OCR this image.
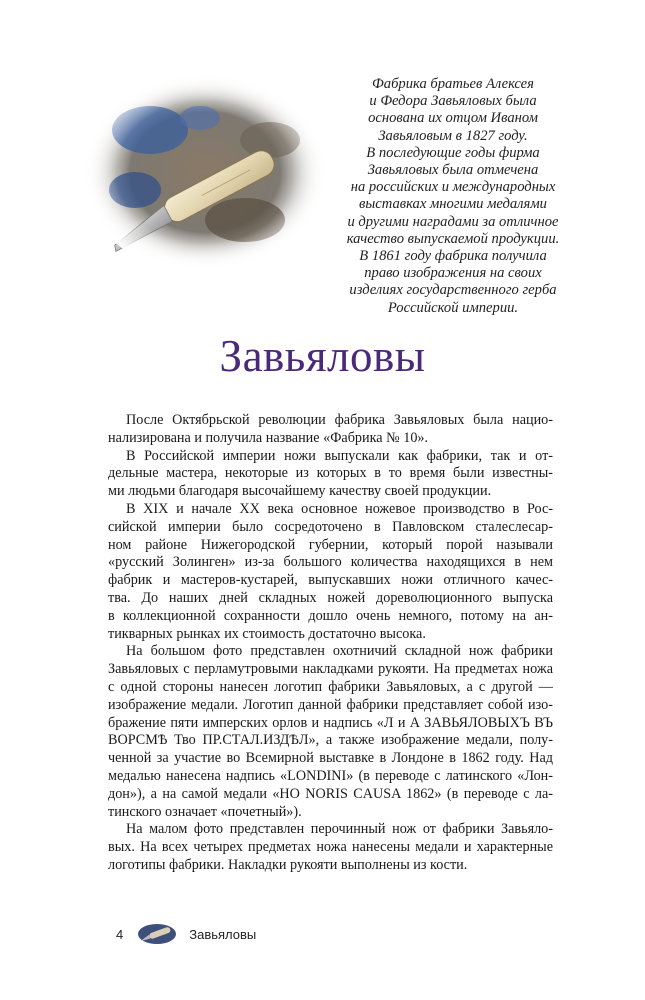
Фабрика братьев Алексея
и Федора Завьяловых была
основана их отцом Иваном
Завьяловым в 1827 году.
В последующие годы фирма
Завьяловых была отмечена
на российских и международных
выставках многими медалями
и другими наградами за отличное
качество выпускаемой продукции.
В 1861 году фабрика получила
право изображения на своих
изделиях государственного герба
Российской империи.
Завьяловы
После Октябрьской революции фабрика Завьяловых была нацио-
нализирована и получила название «Фабрика № 10».
В Российской империи ножи выпускали как фабрики, так и от-
дельные мастера, некоторые из которых в то время были известны-
ми людьми благодаря высочайшему качеству своей продукции.
В XIX и начале XX века основное ножевое производство в Рос-
сийской империи было сосредоточено в Павловском сталеслесар-
ном районе Нижегородской губернии, который порой называли
«русский Золинген» из-за большого количества находящихся в нем
фабрик и мастеров-кустарей, выпускавших ножи отличного качес-
тва. До наших дней складных ножей дореволюционного выпуска
в коллекционной сохранности дошло очень немного, потому на ан-
тикварных рынках их стоимость достаточно высока.
На большом фото представлен охотничий складной нож фабрики
Завьяловых с перламутровыми накладками рукояти. На предметах ножа
с одной стороны нанесен логотип фабрики Завьяловых, а с другой —
изображение медали. Логотип данной фабрики представляет собой изо-
бражение пяти имперских орлов и надпись «Л и А ЗАВЬЯЛОВЫХЪ ВЪ
ВОРСМѢ Тво ПР.СТАЛ.ИЗДѢЛ», а также изображение медали, полу-
ченной за участие во Всемирной выставке в Лондоне в 1862 году. Над
медалью нанесена надпись «LONDINI» (в переводе с латинского «Лон-
дон»), а на самой медали «HO NORIS CAUSA 1862» (в переводе с ла-
тинского означает «почетный»).
На малом фото представлен перочинный нож от фабрики Завьяло-
вых. На всех четырех предметах ножа нанесены медали и характерные
логотипы фабрики. Накладки рукояти выполнены из кости.
4	Завьяловы
